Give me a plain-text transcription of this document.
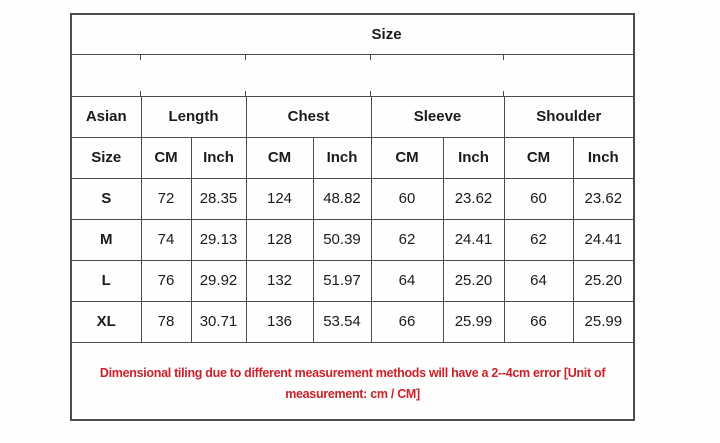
Size								

Asian	Length		Chest		Sleeve		Shoulder	
Size	CM	Inch	CM	Inch	CM	Inch	CM	Inch
S	72	28.35	124	48.82	60	23.62	60	23.62
M	74	29.13	128	50.39	62	24.41	62	24.41
L	76	29.92	132	51.97	64	25.20	64	25.20
XL	78	30.71	136	53.54	66	25.99	66	25.99

Dimensional tiling due to different measurement methods will have a 2--4cm error [Unit of
measurement: cm / CM]								
